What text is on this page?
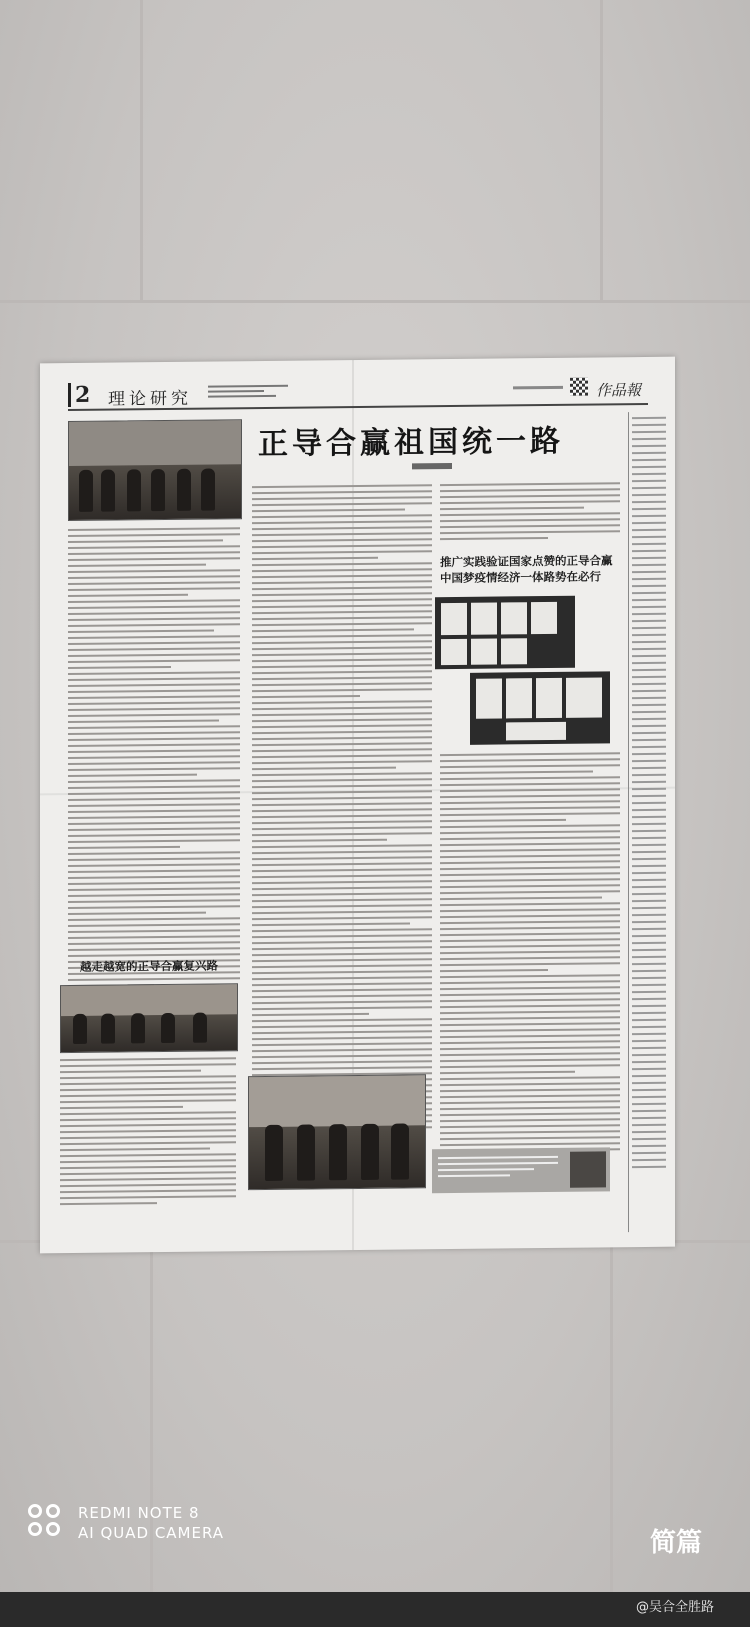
2 理论研究	作品報
正导合赢祖国统一路
推广实践验证国家点赞的正导合赢
中国梦疫情经济一体路势在必行
越走越宽的正导合赢复兴路
REDMI NOTE 8
AI QUAD CAMERA	简篇
@吴合全胜路
